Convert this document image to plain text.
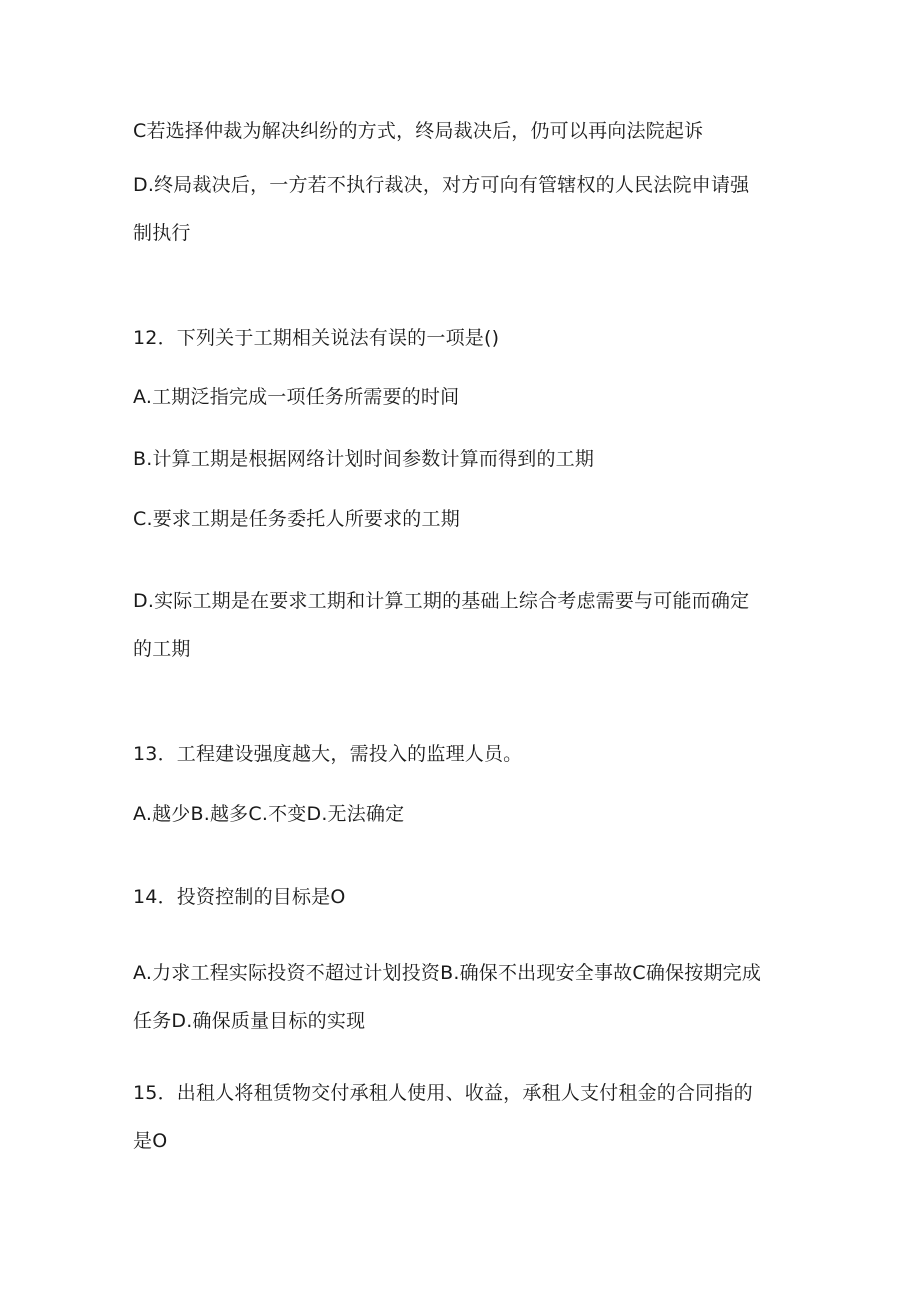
C若选择仲裁为解决纠纷的方式，终局裁决后，仍可以再向法院起诉

D.终局裁决后，一方若不执行裁决，对方可向有管辖权的人民法院申请强

制执行

12．下列关于工期相关说法有误的一项是()

A.工期泛指完成一项任务所需要的时间

B.计算工期是根据网络计划时间参数计算而得到的工期

C.要求工期是任务委托人所要求的工期

D.实际工期是在要求工期和计算工期的基础上综合考虑需要与可能而确定

的工期

13．工程建设强度越大，需投入的监理人员。

A.越少B.越多C.不变D.无法确定

14．投资控制的目标是O

A.力求工程实际投资不超过计划投资B.确保不出现安全事故C确保按期完成

任务D.确保质量目标的实现

15．出租人将租赁物交付承租人使用、收益，承租人支付租金的合同指的

是O
